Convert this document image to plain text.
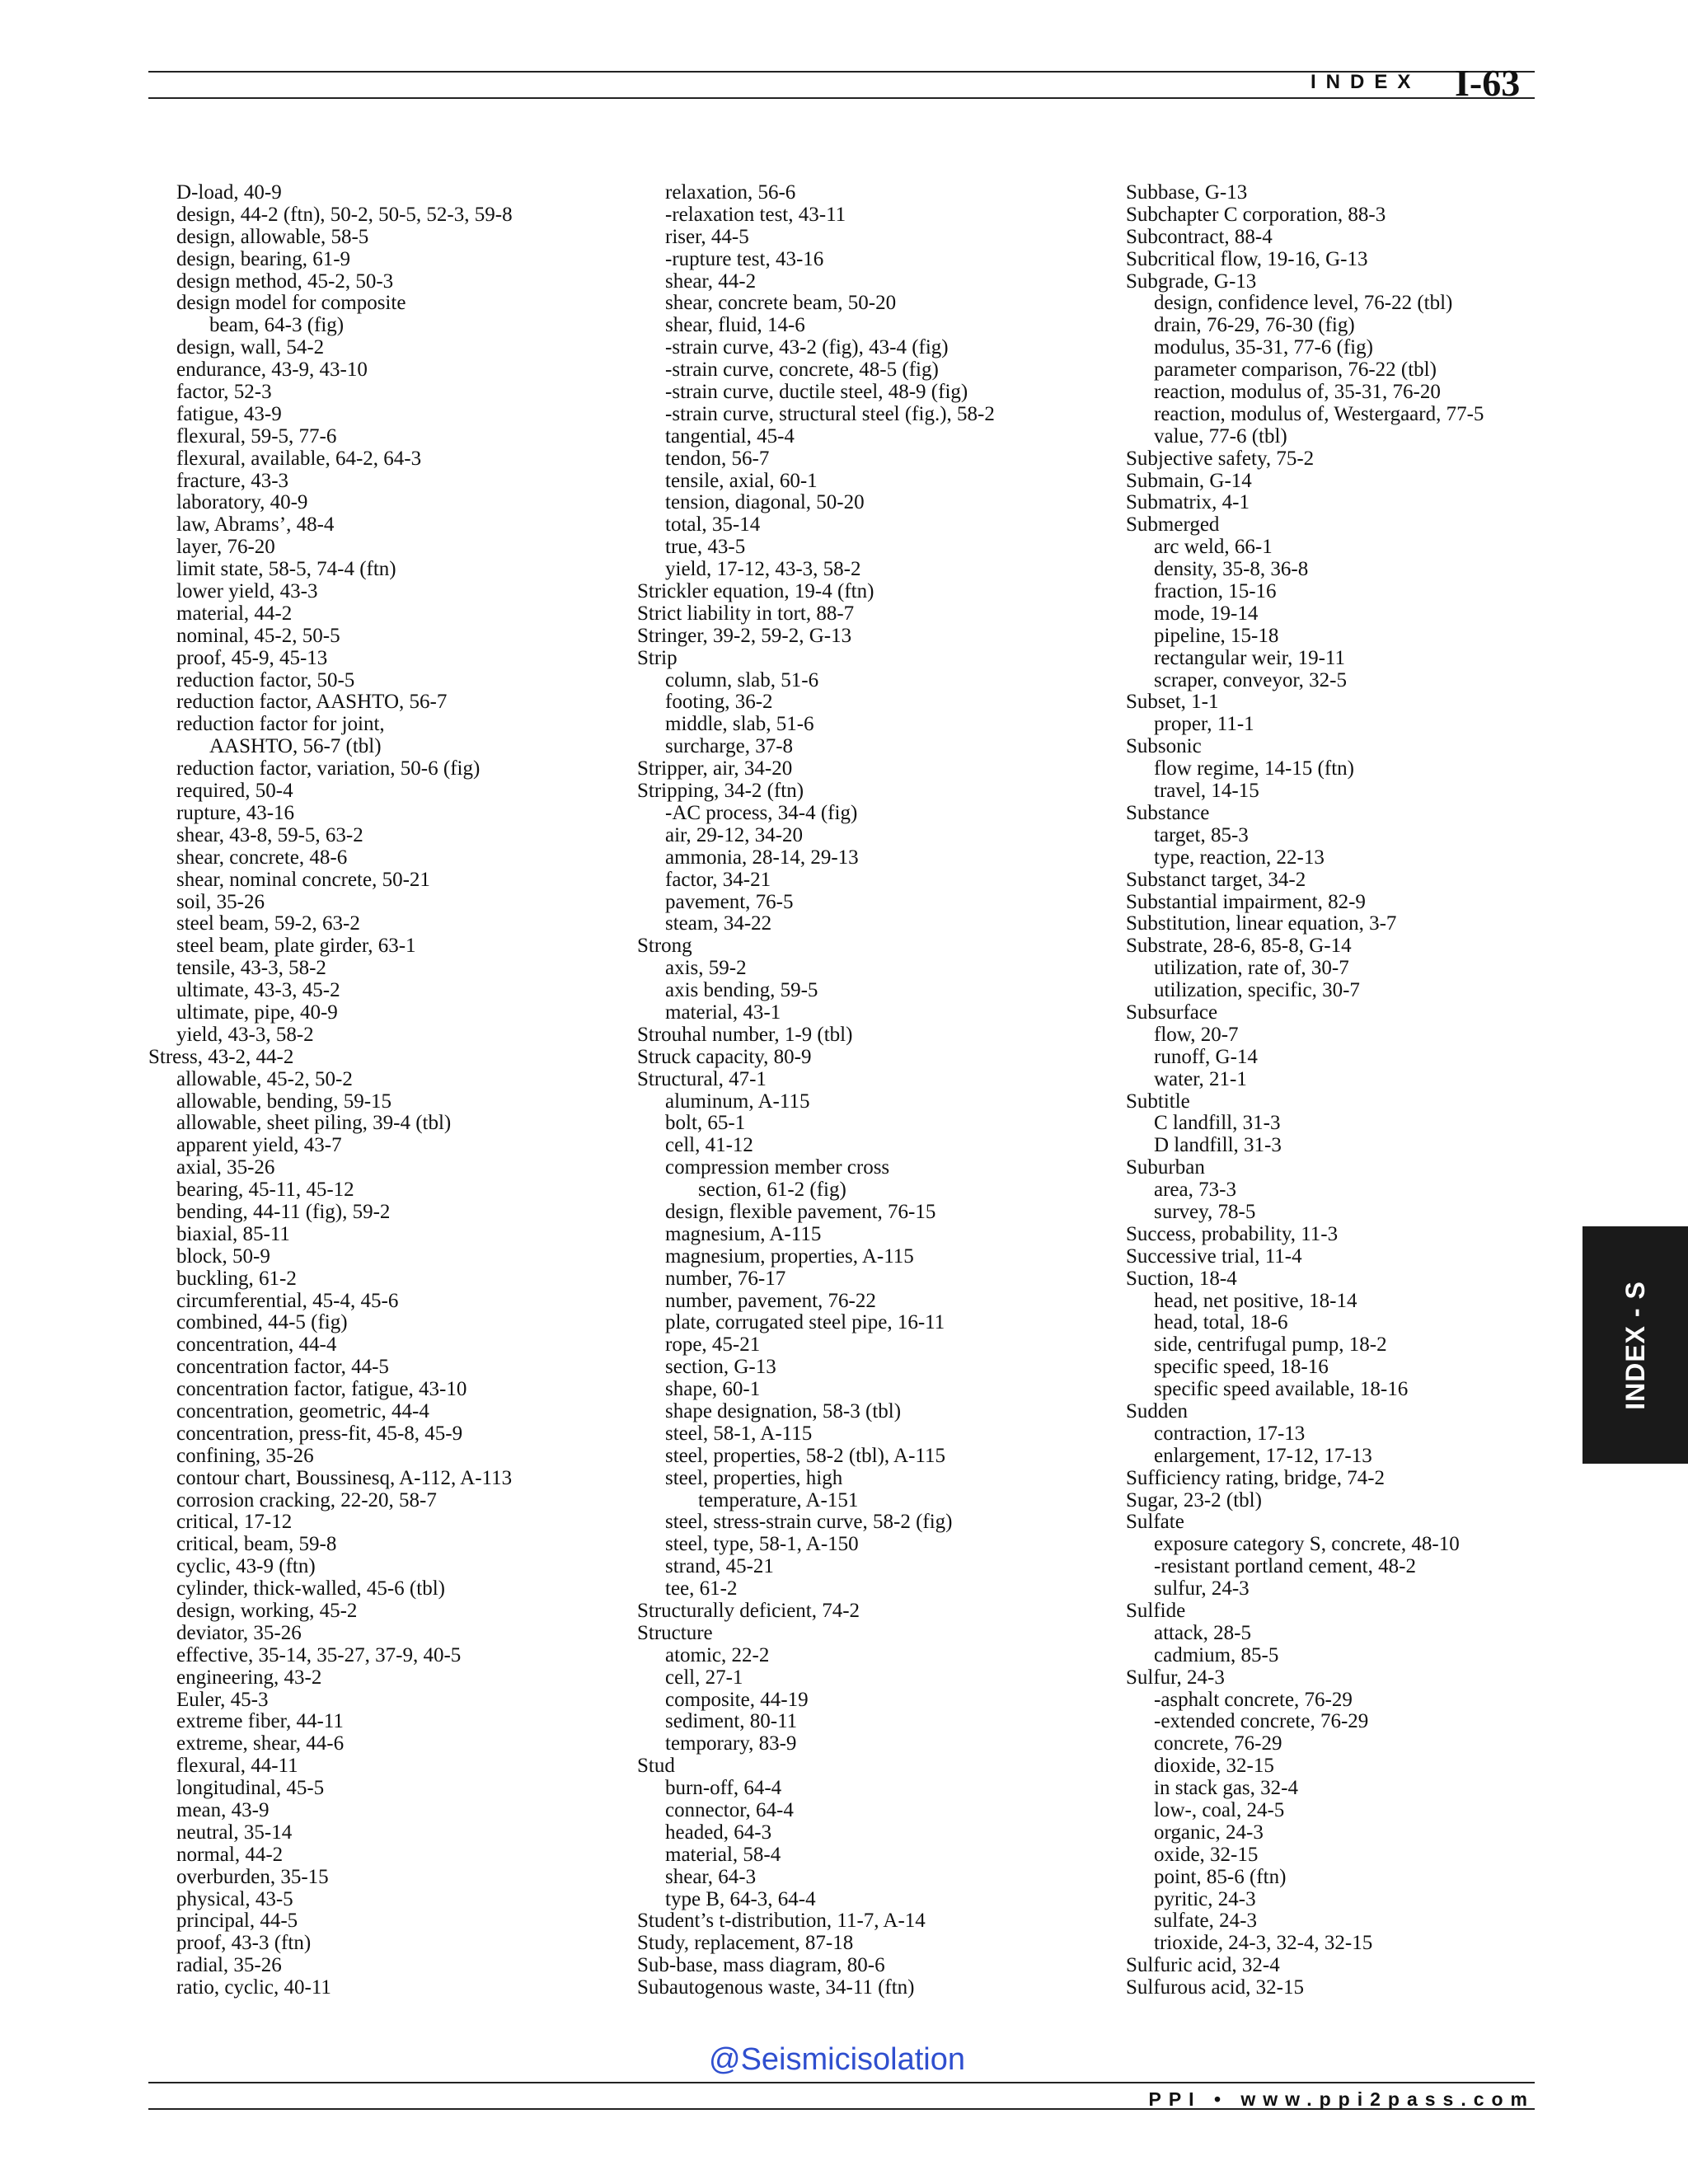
INDEX I-63
D-load, 40-9
design, 44-2 (ftn), 50-2, 50-5, 52-3, 59-8
design, allowable, 58-5
design, bearing, 61-9
design method, 45-2, 50-3
design model for composite
beam, 64-3 (fig)
design, wall, 54-2
endurance, 43-9, 43-10
factor, 52-3
fatigue, 43-9
flexural, 59-5, 77-6
flexural, available, 64-2, 64-3
fracture, 43-3
laboratory, 40-9
law, Abrams’, 48-4
layer, 76-20
limit state, 58-5, 74-4 (ftn)
lower yield, 43-3
material, 44-2
nominal, 45-2, 50-5
proof, 45-9, 45-13
reduction factor, 50-5
reduction factor, AASHTO, 56-7
reduction factor for joint,
AASHTO, 56-7 (tbl)
reduction factor, variation, 50-6 (fig)
required, 50-4
rupture, 43-16
shear, 43-8, 59-5, 63-2
shear, concrete, 48-6
shear, nominal concrete, 50-21
soil, 35-26
steel beam, 59-2, 63-2
steel beam, plate girder, 63-1
tensile, 43-3, 58-2
ultimate, 43-3, 45-2
ultimate, pipe, 40-9
yield, 43-3, 58-2
Stress, 43-2, 44-2
allowable, 45-2, 50-2
allowable, bending, 59-15
allowable, sheet piling, 39-4 (tbl)
apparent yield, 43-7
axial, 35-26
bearing, 45-11, 45-12
bending, 44-11 (fig), 59-2
biaxial, 85-11
block, 50-9
buckling, 61-2
circumferential, 45-4, 45-6
combined, 44-5 (fig)
concentration, 44-4
concentration factor, 44-5
concentration factor, fatigue, 43-10
concentration, geometric, 44-4
concentration, press-fit, 45-8, 45-9
confining, 35-26
contour chart, Boussinesq, A-112, A-113
corrosion cracking, 22-20, 58-7
critical, 17-12
critical, beam, 59-8
cyclic, 43-9 (ftn)
cylinder, thick-walled, 45-6 (tbl)
design, working, 45-2
deviator, 35-26
effective, 35-14, 35-27, 37-9, 40-5
engineering, 43-2
Euler, 45-3
extreme fiber, 44-11
extreme, shear, 44-6
flexural, 44-11
longitudinal, 45-5
mean, 43-9
neutral, 35-14
normal, 44-2
overburden, 35-15
physical, 43-5
principal, 44-5
proof, 43-3 (ftn)
radial, 35-26
ratio, cyclic, 40-11
relaxation, 56-6
-relaxation test, 43-11
riser, 44-5
-rupture test, 43-16
shear, 44-2
shear, concrete beam, 50-20
shear, fluid, 14-6
-strain curve, 43-2 (fig), 43-4 (fig)
-strain curve, concrete, 48-5 (fig)
-strain curve, ductile steel, 48-9 (fig)
-strain curve, structural steel (fig.), 58-2
tangential, 45-4
tendon, 56-7
tensile, axial, 60-1
tension, diagonal, 50-20
total, 35-14
true, 43-5
yield, 17-12, 43-3, 58-2
Strickler equation, 19-4 (ftn)
Strict liability in tort, 88-7
Stringer, 39-2, 59-2, G-13
Strip
column, slab, 51-6
footing, 36-2
middle, slab, 51-6
surcharge, 37-8
Stripper, air, 34-20
Stripping, 34-2 (ftn)
-AC process, 34-4 (fig)
air, 29-12, 34-20
ammonia, 28-14, 29-13
factor, 34-21
pavement, 76-5
steam, 34-22
Strong
axis, 59-2
axis bending, 59-5
material, 43-1
Strouhal number, 1-9 (tbl)
Struck capacity, 80-9
Structural, 47-1
aluminum, A-115
bolt, 65-1
cell, 41-12
compression member cross
section, 61-2 (fig)
design, flexible pavement, 76-15
magnesium, A-115
magnesium, properties, A-115
number, 76-17
number, pavement, 76-22
plate, corrugated steel pipe, 16-11
rope, 45-21
section, G-13
shape, 60-1
shape designation, 58-3 (tbl)
steel, 58-1, A-115
steel, properties, 58-2 (tbl), A-115
steel, properties, high
temperature, A-151
steel, stress-strain curve, 58-2 (fig)
steel, type, 58-1, A-150
strand, 45-21
tee, 61-2
Structurally deficient, 74-2
Structure
atomic, 22-2
cell, 27-1
composite, 44-19
sediment, 80-11
temporary, 83-9
Stud
burn-off, 64-4
connector, 64-4
headed, 64-3
material, 58-4
shear, 64-3
type B, 64-3, 64-4
Student’s t-distribution, 11-7, A-14
Study, replacement, 87-18
Sub-base, mass diagram, 80-6
Subautogenous waste, 34-11 (ftn)
Subbase, G-13
Subchapter C corporation, 88-3
Subcontract, 88-4
Subcritical flow, 19-16, G-13
Subgrade, G-13
design, confidence level, 76-22 (tbl)
drain, 76-29, 76-30 (fig)
modulus, 35-31, 77-6 (fig)
parameter comparison, 76-22 (tbl)
reaction, modulus of, 35-31, 76-20
reaction, modulus of, Westergaard, 77-5
value, 77-6 (tbl)
Subjective safety, 75-2
Submain, G-14
Submatrix, 4-1
Submerged
arc weld, 66-1
density, 35-8, 36-8
fraction, 15-16
mode, 19-14
pipeline, 15-18
rectangular weir, 19-11
scraper, conveyor, 32-5
Subset, 1-1
proper, 11-1
Subsonic
flow regime, 14-15 (ftn)
travel, 14-15
Substance
target, 85-3
type, reaction, 22-13
Substanct target, 34-2
Substantial impairment, 82-9
Substitution, linear equation, 3-7
Substrate, 28-6, 85-8, G-14
utilization, rate of, 30-7
utilization, specific, 30-7
Subsurface
flow, 20-7
runoff, G-14
water, 21-1
Subtitle
C landfill, 31-3
D landfill, 31-3
Suburban
area, 73-3
survey, 78-5
Success, probability, 11-3
Successive trial, 11-4
Suction, 18-4
head, net positive, 18-14
head, total, 18-6
side, centrifugal pump, 18-2
specific speed, 18-16
specific speed available, 18-16
Sudden
contraction, 17-13
enlargement, 17-12, 17-13
Sufficiency rating, bridge, 74-2
Sugar, 23-2 (tbl)
Sulfate
exposure category S, concrete, 48-10
-resistant portland cement, 48-2
sulfur, 24-3
Sulfide
attack, 28-5
cadmium, 85-5
Sulfur, 24-3
-asphalt concrete, 76-29
-extended concrete, 76-29
concrete, 76-29
dioxide, 32-15
in stack gas, 32-4
low-, coal, 24-5
organic, 24-3
oxide, 32-15
point, 85-6 (ftn)
pyritic, 24-3
sulfate, 24-3
trioxide, 24-3, 32-4, 32-15
Sulfuric acid, 32-4
Sulfurous acid, 32-15
INDEX - S
@Seismicisolation
PPI • www.ppi2pass.com
